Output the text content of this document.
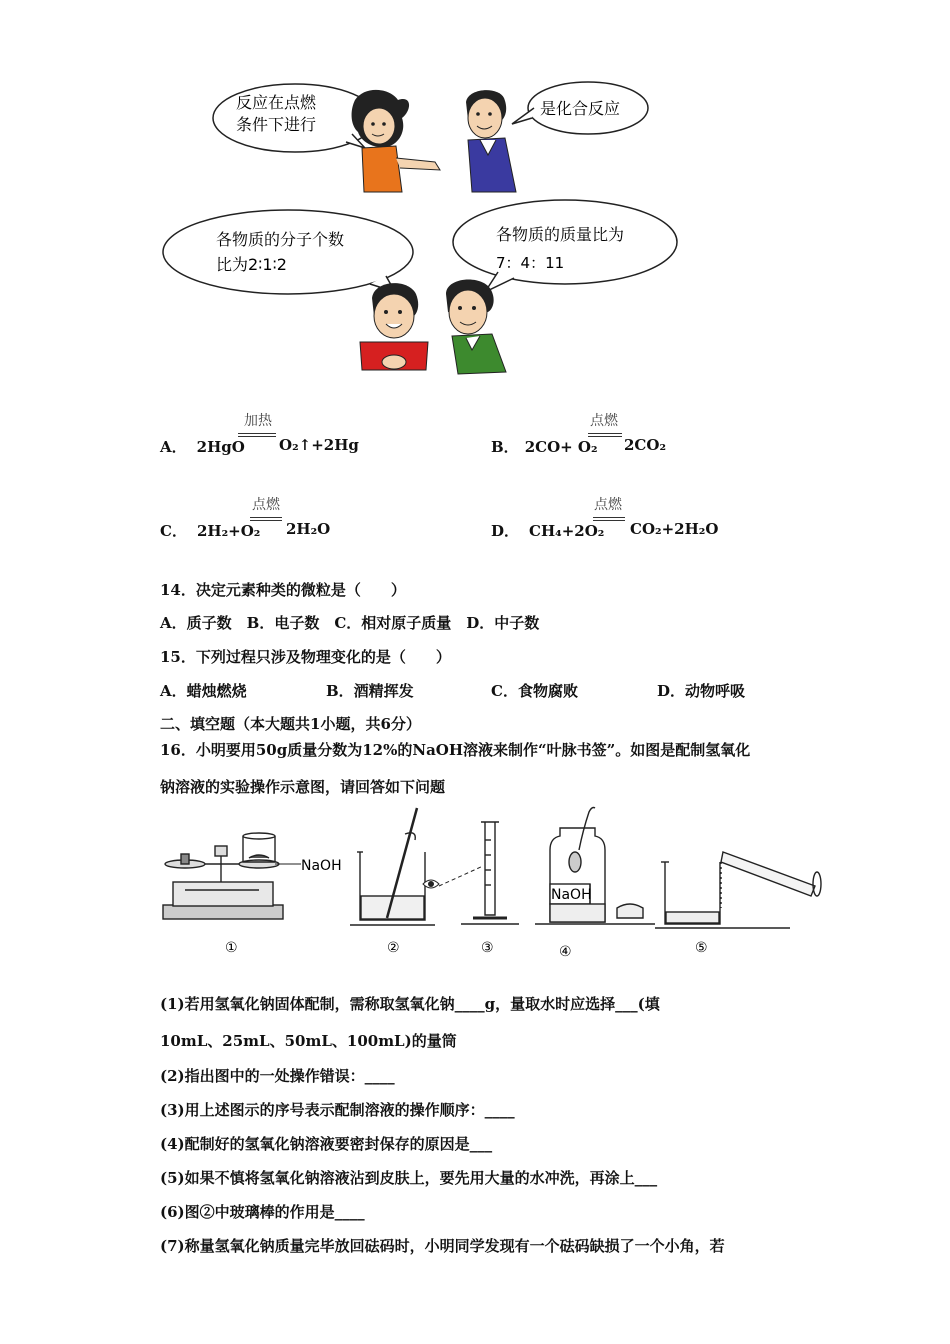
反应在点燃
条件下进行
是化合反应
各物质的分子个数
比为2∶1∶2
各物质的质量比为
7：4：11
A． 2HgO
加热
O₂↑+2Hg	B． 2CO+ O₂
点燃
2CO₂
C． 2H₂+O₂
点燃
2H₂O	D． CH₄+2O₂
点燃
CO₂+2H₂O
14．决定元素种类的微粒是（　　）
A．质子数　B．电子数　C．相对原子质量　D．中子数
15．下列过程只涉及物理变化的是（　　）
A．蜡烛燃烧	B．酒精挥发	C．食物腐败	D．动物呼吸
二、填空题（本大题共1小题，共6分）
16．小明要用50g质量分数为12%的NaOH溶液来制作“叶脉书签”。如图是配制氢氧化
钠溶液的实验操作示意图，请回答如下问题
NaOH
NaOH
①	②	③	④	⑤
(1)若用氢氧化钠固体配制，需称取氢氧化钠____g，量取水时应选择___(填
10mL、25mL、50mL、100mL)的量筒
(2)指出图中的一处操作错误：____
(3)用上述图示的序号表示配制溶液的操作顺序：____
(4)配制好的氢氧化钠溶液要密封保存的原因是___
(5)如果不慎将氢氧化钠溶液沾到皮肤上，要先用大量的水冲洗，再涂上___
(6)图②中玻璃棒的作用是____
(7)称量氢氧化钠质量完毕放回砝码时，小明同学发现有一个砝码缺损了一个小角，若
